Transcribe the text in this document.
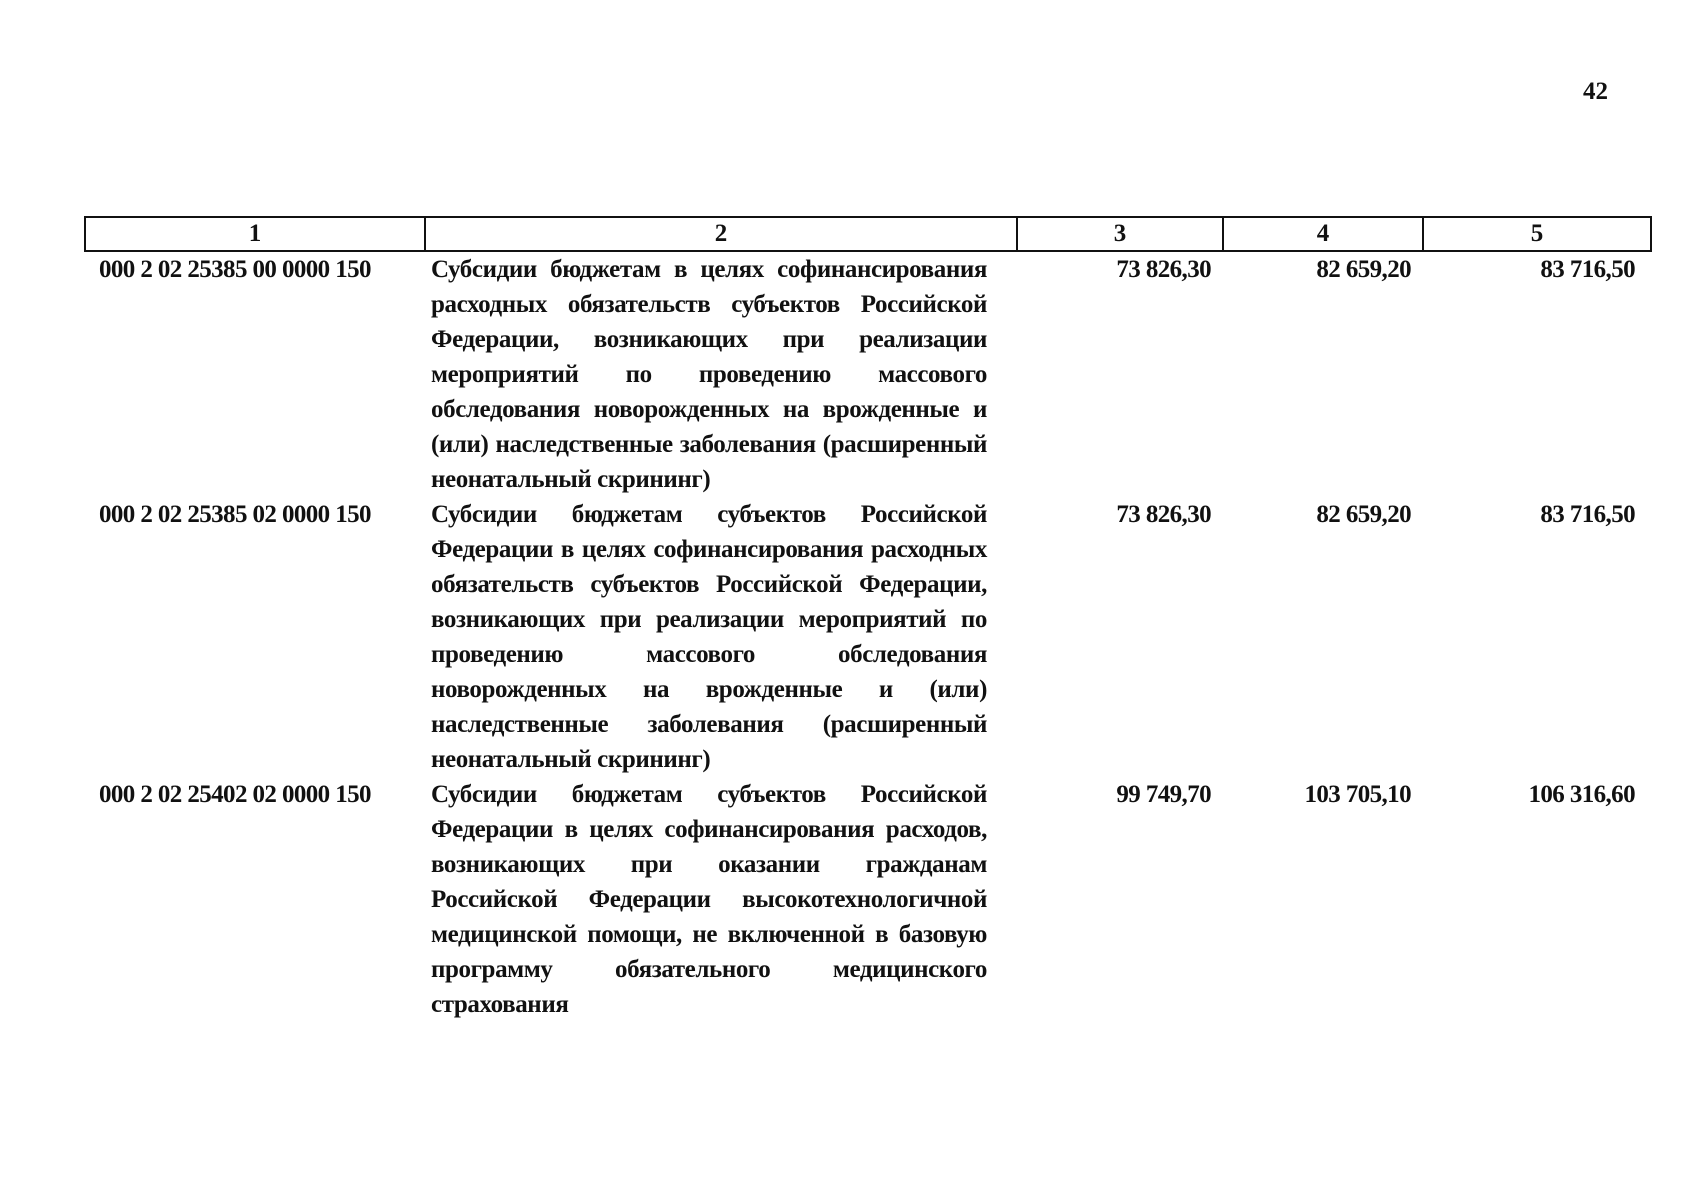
42
1	2	3	4	5
000 2 02 25385 00 0000 150	Субсидии бюджетам в целях софинансирования расходных обязательств субъектов Российской Федерации, возникающих при реализации мероприятий по проведению массового обследования новорожденных на врожденные и (или) наследственные заболевания (расширенный неонатальный скрининг)	73 826,30	82 659,20	83 716,50
000 2 02 25385 02 0000 150	Субсидии бюджетам субъектов Российской Федерации в целях софинансирования расходных обязательств субъектов Российской Федерации, возникающих при реализации мероприятий по проведению массового обследования новорожденных на врожденные и (или) наследственные заболевания (расширенный неонатальный скрининг)	73 826,30	82 659,20	83 716,50
000 2 02 25402 02 0000 150	Субсидии бюджетам субъектов Российской Федерации в целях софинансирования расходов, возникающих при оказании гражданам Российской Федерации высокотехнологичной медицинской помощи, не включенной в базовую программу обязательного медицинского страхования	99 749,70	103 705,10	106 316,60
